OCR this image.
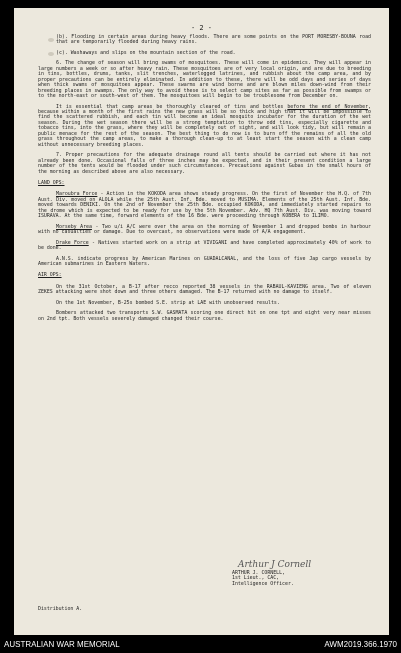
- 2 -

(b). Flooding in certain areas during heavy floods. There are some points on the PORT MORESBY-BOUNA road that are temporarily flooded during heavy rains.

(c). Washaways and slips on the mountain section of the road.

6. The change of season will bring swams of mosquitoes. These will come in epidemics. They will appear in large numbers a week or so after heavy rain. These mosquitoes are of very local origin, and are due to breeding in tins, bottles, drums, tanks, slit trenches, waterlogged latrines, and rubbish about the camp area, and by proper precautions can be entirely eliminated. In addition to these, there will be odd days and series of days when thick swams of mosquitoes appear. These swarms are wind borne and are blown miles down-wind from their breeding places in swamps. The only way to avoid these is to select camp sites as far as possible from swamps or to the north-east or south-west of them. The mosquitoes will begin to be troublesome from December on.

It is essential that camp areas be thoroughly cleared of tins and bottles before the end of November, because within a month of the first rains the new grass will be so thick and high that it will be impossible to find the scattered rubbish, and each tin will become an ideal mosquito incubator for the duration of the wet season. During the wet season there will be a strong temptation to throw odd tins, especially cigarette and tobacco tins, into the grass, where they will be completely out of sight, and will look tidy, but will remain a public menace for the rest of the season. The best thing to do now is to burn off the remains of all the old grass throughout the camp areas, to make a thorough clean-up to at least start the season with a clean camp without unnecessary breeding places.

7. Proper precautions for the adequate drainage round all tents should be carried out where it has not already been done. Occasional falls of three inches may be expected, and in their present condition a large number of the tents would be flooded under such circumstances. Precautions against Gubas in the small hours of the morning as described above are also necessary.

LAND OPS:

Maroubra Force - Action in the KOKODA area shows steady progress. On the first of November the H.Q. of 7th Aust. Div. moved on ALOLA while the 25th Aust. Inf. Bde. moved to MUSIMA. Elements of the 25th Aust. Inf. Bde. moved towards DENIKI. On the 2nd of November the 25th Bde. occupied KOKODA, and immediately started repairs to the drome which is expected to be ready for use by the 5th November. Adv. HQ 7th Aust. Div. was moving toward ISURAVA. At the same time, forward elements of the 16 Bde. were proceeding through KOBERA to ILIMO.

Morseby Area - Two u/i A/C were over the area on the morning of November 1 and dropped bombs in harbour with no casualties or damage. Due to overcast, no observations were made of A/A engagement.

Drake Force - Natives started work on a strip at VIVIGANI and have completed approximately 40% of work to be done.

A.N.S. indicate progress by American Marines on GUADALCANAL, and the loss of five Jap cargo vessels by American submarines in Eastern Waters.

AIR OPS:

On the 31st October, a B-17 after recco reported 38 vessels in the RABAUL-KAVIENG area. Two of eleven ZEKES attacking were shot down and three others damaged. The B-17 returned with no damage to itself.

On the 1st November, B-25s bombed S.E. strip at LAE with unobserved results.

Bombers attacked two transports S.W. GASMATA scoring one direct hit on one tpt and eight very near misses on 2nd tpt. Both vessels severely damaged changed their course.

Arthur J Cornell
ARTHUR J. CORNELL,
1st Lieut., CAC,
Intelligence Officer.
Distribution A.
AUSTRALIAN WAR MEMORIAL	AWM2019.366.1970
